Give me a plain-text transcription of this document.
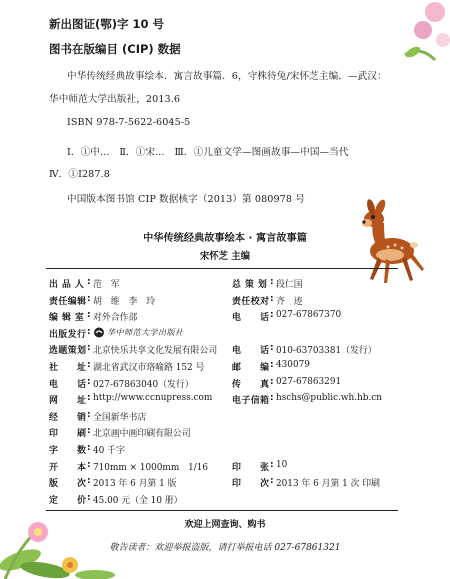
新出图证(鄂)字 10 号
图书在版编目 (CIP) 数据
中华传统经典故事绘本．寓言故事篇．6，守株待兔/宋怀芝主编．—武汉：
华中师范大学出版社，2013.6
ISBN 978-7-5622-6045-5
Ⅰ．①中…　Ⅱ．①宋…　Ⅲ．①儿童文学—图画故事—中国—当代
Ⅳ．①I287.8
中国版本图书馆 CIP 数据核字（2013）第 080978 号
中华传统经典故事绘本 · 寓言故事篇
宋怀芝 主编
出 品 人 : 范　军	总 策 划 : 段仁国
责任编辑 : 胡　维　李　玲	责任校对 : 齐　迹
编 辑 室 : 对外合作部	电　　话 : 027-67867370
出版发行 :	华中师范大学出版社
选题策划 : 北京快乐共享文化发展有限公司 电　　话 : 010-63703381（发行）
社　　址 : 湖北省武汉市珞喻路 152 号	邮　　编 : 430079
电　　话 : 027-67863040（发行）	传　　真 : 027-67863291
网　　址 : http://www.ccnupress.com 电子信箱 : hschs@public.wh.hb.cn
经　　销 : 全国新华书店
印　　刷 : 北京画中画印刷有限公司
字　　数 : 40 千字
开　　本 : 710mm × 1000mm　1/16	印　　张 : 10
版　　次 : 2013 年 6 月第 1 版	印　　次 : 2013 年 6 月第 1 次 印刷
定　　价 : 45.00 元（全 10 册）
欢迎上网查询、购书
敬告读者：欢迎举报盗版，请打举报电话 027-67861321
